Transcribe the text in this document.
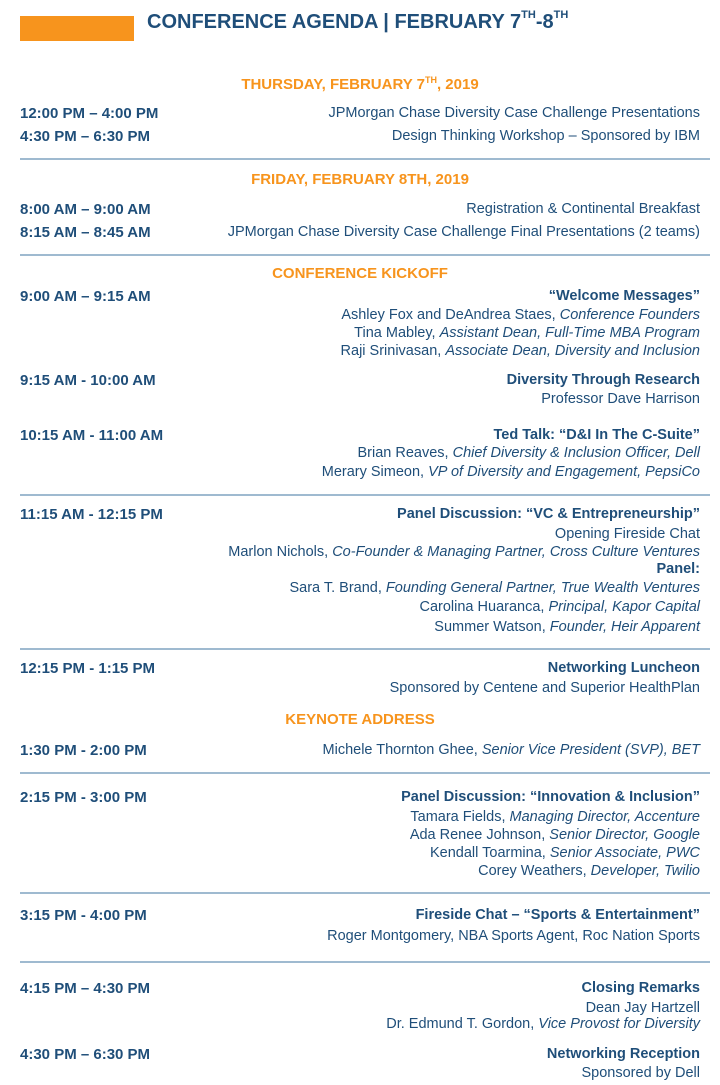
CONFERENCE AGENDA | FEBRUARY 7TH-8TH
THURSDAY, FEBRUARY 7TH, 2019
12:00 PM – 4:00 PM	JPMorgan Chase Diversity Case Challenge Presentations
4:30 PM – 6:30 PM	Design Thinking Workshop – Sponsored by IBM
FRIDAY, FEBRUARY 8TH, 2019
8:00 AM – 9:00 AM	Registration & Continental Breakfast
8:15 AM – 8:45 AM	JPMorgan Chase Diversity Case Challenge Final Presentations (2 teams)
CONFERENCE KICKOFF
9:00 AM – 9:15 AM	“Welcome Messages”
Ashley Fox and DeAndrea Staes, Conference Founders
Tina Mabley, Assistant Dean, Full-Time MBA Program
Raji Srinivasan, Associate Dean, Diversity and Inclusion
9:15 AM - 10:00 AM	Diversity Through Research
Professor Dave Harrison
10:15 AM - 11:00 AM	Ted Talk: “D&I In The C-Suite”
Brian Reaves, Chief Diversity & Inclusion Officer, Dell
Merary Simeon, VP of Diversity and Engagement, PepsiCo
11:15 AM - 12:15 PM	Panel Discussion: “VC & Entrepreneurship”
Opening Fireside Chat
Marlon Nichols, Co-Founder & Managing Partner, Cross Culture Ventures
Panel:
Sara T. Brand, Founding General Partner, True Wealth Ventures
Carolina Huaranca, Principal, Kapor Capital
Summer Watson, Founder, Heir Apparent
12:15 PM - 1:15 PM	Networking Luncheon
Sponsored by Centene and Superior HealthPlan
KEYNOTE ADDRESS
1:30 PM - 2:00 PM	Michele Thornton Ghee, Senior Vice President (SVP), BET
2:15 PM - 3:00 PM	Panel Discussion: “Innovation & Inclusion”
Tamara Fields, Managing Director, Accenture
Ada Renee Johnson, Senior Director, Google
Kendall Toarmina, Senior Associate, PWC
Corey Weathers, Developer, Twilio
3:15 PM - 4:00 PM	Fireside Chat – “Sports & Entertainment”
Roger Montgomery, NBA Sports Agent, Roc Nation Sports
4:15 PM – 4:30 PM	Closing Remarks
Dean Jay Hartzell
Dr. Edmund T. Gordon, Vice Provost for Diversity
4:30 PM – 6:30 PM	Networking Reception
Sponsored by Dell
